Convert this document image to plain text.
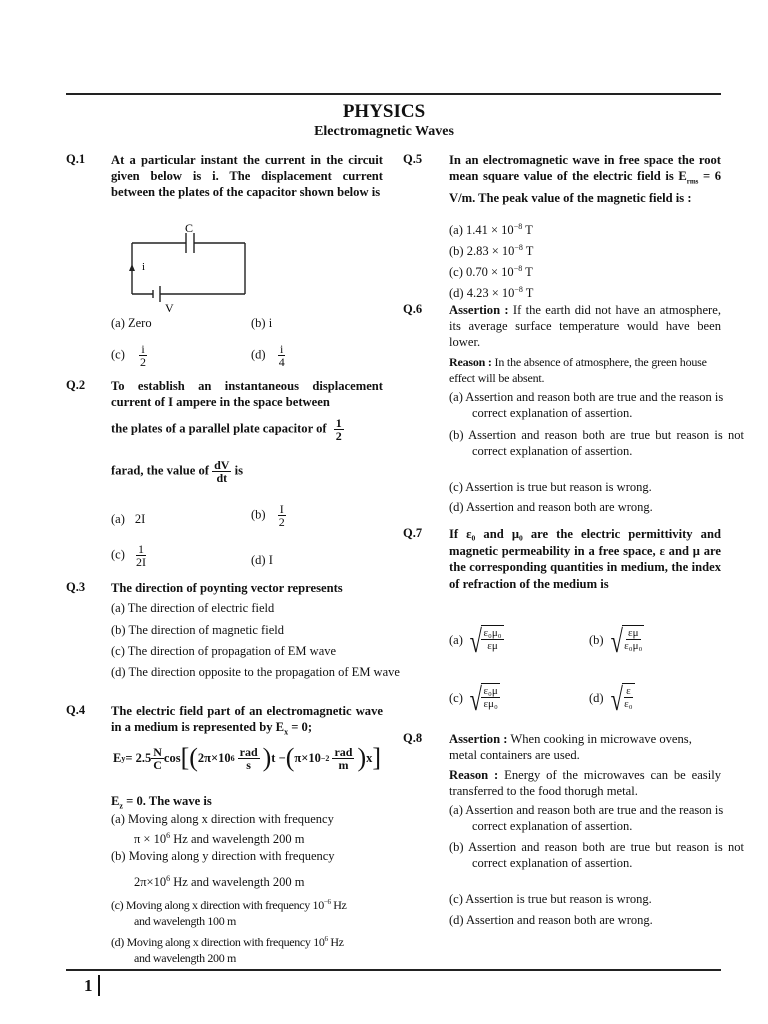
PHYSICS
Electromagnetic Waves
Q.1 At a particular instant the current in the circuit given below is i. The displacement current between the plates of the capacitor shown below is
C
i
V
(a) Zero	(b) i
$(c) \frac{i}{2}$	$(d) \frac{i}{4}$
Q.2 To establish an instantaneous displacement current of I ampere in the space between
the plates of a parallel plate capacitor of $\frac{1}{2}$
farad, the value of $\frac{dV}{dt}$ is
(a) 2I	$(b) \frac{I}{2}$
$(c) \frac{1}{2I}$	(d) I
Q.3 The direction of poynting vector represents
(a) The direction of electric field
(b) The direction of magnetic field
(c) The direction of propagation of EM wave
(d) The direction opposite to the propagation of EM wave
Q.4 The electric field part of an electromagnetic wave in a medium is represented by $E_x = 0$;
E $y = 2.5 \frac{N}{C}$ cos [( 2π×10 $6 \frac{\text{rad}}{s}$ ) t − ( $\pi\times 10 -2 \frac{\text{rad}}{m}$ ) x ]
$E_z = 0$. The wave is
(a) Moving along x direction with frequency
$\pi \times 10^6$ Hz and wavelength 200 m
(b) Moving along y direction with frequency
$2\pi\times 10^6$ Hz and wavelength 200 m
(c) Moving along x direction with frequency $10^{-6}$ Hz
and wavelength 100 m
(d) Moving along x direction with frequency $10^6$ Hz
and wavelength 200 m
Q.5 In an electromagnetic wave in free space the root mean square value of the electric field is $E_{rms} = 6$ V/m. The peak value of the magnetic field is :
(a) $1.41 \times 10^{-8}$ T
(b) $2.83 \times 10^{-8}$ T
(c) $0.70 \times 10^{-8}$ T
(d) $4.23 \times 10^{-8}$ T
Q.6 Assertion : If the earth did not have an atmosphere, its average surface temperature would have been lower.
Reason : In the absence of atmosphere, the green house effect will be absent.
(a) Assertion and reason both are true and the reason is correct explanation of assertion.
(b) Assertion and reason both are true but reason is not correct explanation of assertion.
(c) Assertion is true but reason is wrong.
(d) Assertion and reason both are wrong.
Q.7 If ε₀ and μ₀ are the electric permittivity and magnetic permeability in a free space, ε and μ are the corresponding quantities in medium, the index of refraction of the medium is
(a) √ $\frac{\text{ε₀μ₀}}{\varepsilon\mu}$	(b) √ $\frac{\varepsilon\mu}{\text{ε₀μ₀}}$
(c) √ $\frac{\text{ε₀μ}}{\text{εμ₀}}$	(d) √ $\frac{\varepsilon}{\text{ε₀}}$
Q.8 Assertion : When cooking in microwave ovens, metal containers are used.
Reason : Energy of the microwaves can be easily transferred to the food thorugh metal.
(a) Assertion and reason both are true and the reason is correct explanation of assertion.
(b) Assertion and reason both are true but reason is not correct explanation of assertion.
(c) Assertion is true but reason is wrong.
(d) Assertion and reason both are wrong.
1
